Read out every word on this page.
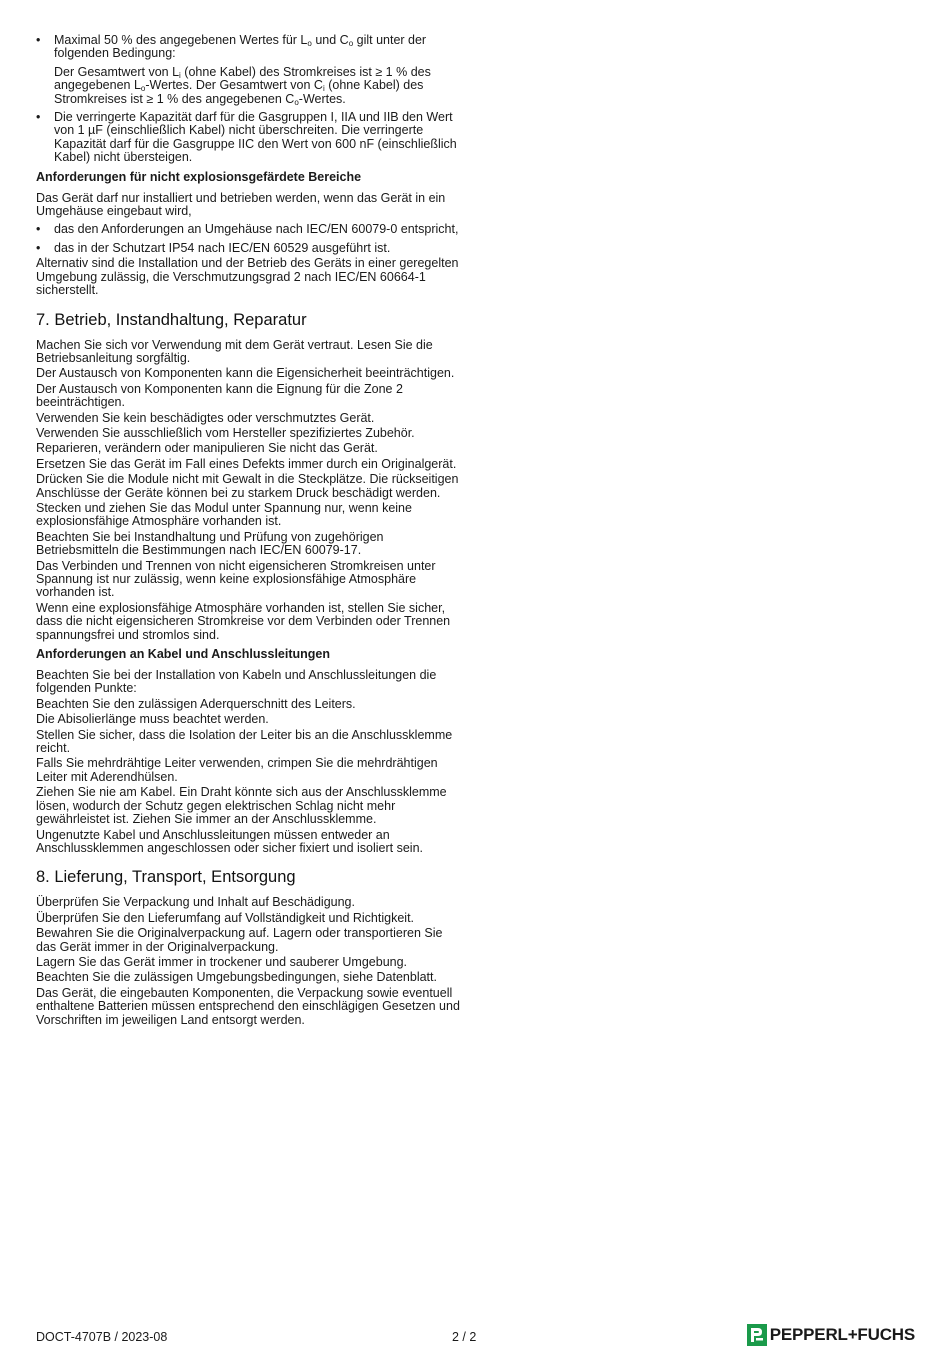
• Maximal 50 % des angegebenen Wertes für $L_o$ und $C_o$ gilt unter der folgenden Bedingung:

Der Gesamtwert von $L_i$ (ohne Kabel) des Stromkreises ist ≥ 1 % des angegebenen $L_o$-Wertes. Der Gesamtwert von $C_i$ (ohne Kabel) des Stromkreises ist ≥ 1 % des angegebenen $C_o$-Wertes.

• Die verringerte Kapazität darf für die Gasgruppen I, IIA und IIB den Wert von 1 µF (einschließlich Kabel) nicht überschreiten. Die verringerte Kapazität darf für die Gasgruppe IIC den Wert von 600 nF (einschließlich Kabel) nicht übersteigen.

Anforderungen für nicht explosionsgefärdete Bereiche

Das Gerät darf nur installiert und betrieben werden, wenn das Gerät in ein Umgehäuse eingebaut wird,

• das den Anforderungen an Umgehäuse nach IEC/EN 60079-0 entspricht,

• das in der Schutzart IP54 nach IEC/EN 60529 ausgeführt ist.

Alternativ sind die Installation und der Betrieb des Geräts in einer geregelten Umgebung zulässig, die Verschmutzungsgrad 2 nach IEC/EN 60664-1 sicherstellt.

7. Betrieb, Instandhaltung, Reparatur

Machen Sie sich vor Verwendung mit dem Gerät vertraut. Lesen Sie die Betriebsanleitung sorgfältig.

Der Austausch von Komponenten kann die Eigensicherheit beeinträchtigen.

Der Austausch von Komponenten kann die Eignung für die Zone 2 beeinträchtigen.

Verwenden Sie kein beschädigtes oder verschmutztes Gerät.

Verwenden Sie ausschließlich vom Hersteller spezifiziertes Zubehör.

Reparieren, verändern oder manipulieren Sie nicht das Gerät.

Ersetzen Sie das Gerät im Fall eines Defekts immer durch ein Originalgerät.

Drücken Sie die Module nicht mit Gewalt in die Steckplätze. Die rückseitigen Anschlüsse der Geräte können bei zu starkem Druck beschädigt werden.

Stecken und ziehen Sie das Modul unter Spannung nur, wenn keine explosionsfähige Atmosphäre vorhanden ist.

Beachten Sie bei Instandhaltung und Prüfung von zugehörigen Betriebsmitteln die Bestimmungen nach IEC/EN 60079-17.

Das Verbinden und Trennen von nicht eigensicheren Stromkreisen unter Spannung ist nur zulässig, wenn keine explosionsfähige Atmosphäre vorhanden ist.

Wenn eine explosionsfähige Atmosphäre vorhanden ist, stellen Sie sicher, dass die nicht eigensicheren Stromkreise vor dem Verbinden oder Trennen spannungsfrei und stromlos sind.

Anforderungen an Kabel und Anschlussleitungen

Beachten Sie bei der Installation von Kabeln und Anschlussleitungen die folgenden Punkte:

Beachten Sie den zulässigen Aderquerschnitt des Leiters.

Die Abisolierlänge muss beachtet werden.

Stellen Sie sicher, dass die Isolation der Leiter bis an die Anschlussklemme reicht.

Falls Sie mehrdrähtige Leiter verwenden, crimpen Sie die mehrdrähtigen Leiter mit Aderendhülsen.

Ziehen Sie nie am Kabel. Ein Draht könnte sich aus der Anschlussklemme lösen, wodurch der Schutz gegen elektrischen Schlag nicht mehr gewährleistet ist. Ziehen Sie immer an der Anschlussklemme.

Ungenutzte Kabel und Anschlussleitungen müssen entweder an Anschlussklemmen angeschlossen oder sicher fixiert und isoliert sein.

8. Lieferung, Transport, Entsorgung

Überprüfen Sie Verpackung und Inhalt auf Beschädigung.

Überprüfen Sie den Lieferumfang auf Vollständigkeit und Richtigkeit.

Bewahren Sie die Originalverpackung auf. Lagern oder transportieren Sie das Gerät immer in der Originalverpackung.

Lagern Sie das Gerät immer in trockener und sauberer Umgebung.

Beachten Sie die zulässigen Umgebungsbedingungen, siehe Datenblatt.

Das Gerät, die eingebauten Komponenten, die Verpackung sowie eventuell enthaltene Batterien müssen entsprechend den einschlägigen Gesetzen und Vorschriften im jeweiligen Land entsorgt werden.

DOCT-4707B / 2023-08	2 / 2	PEPPERL+FUCHS
